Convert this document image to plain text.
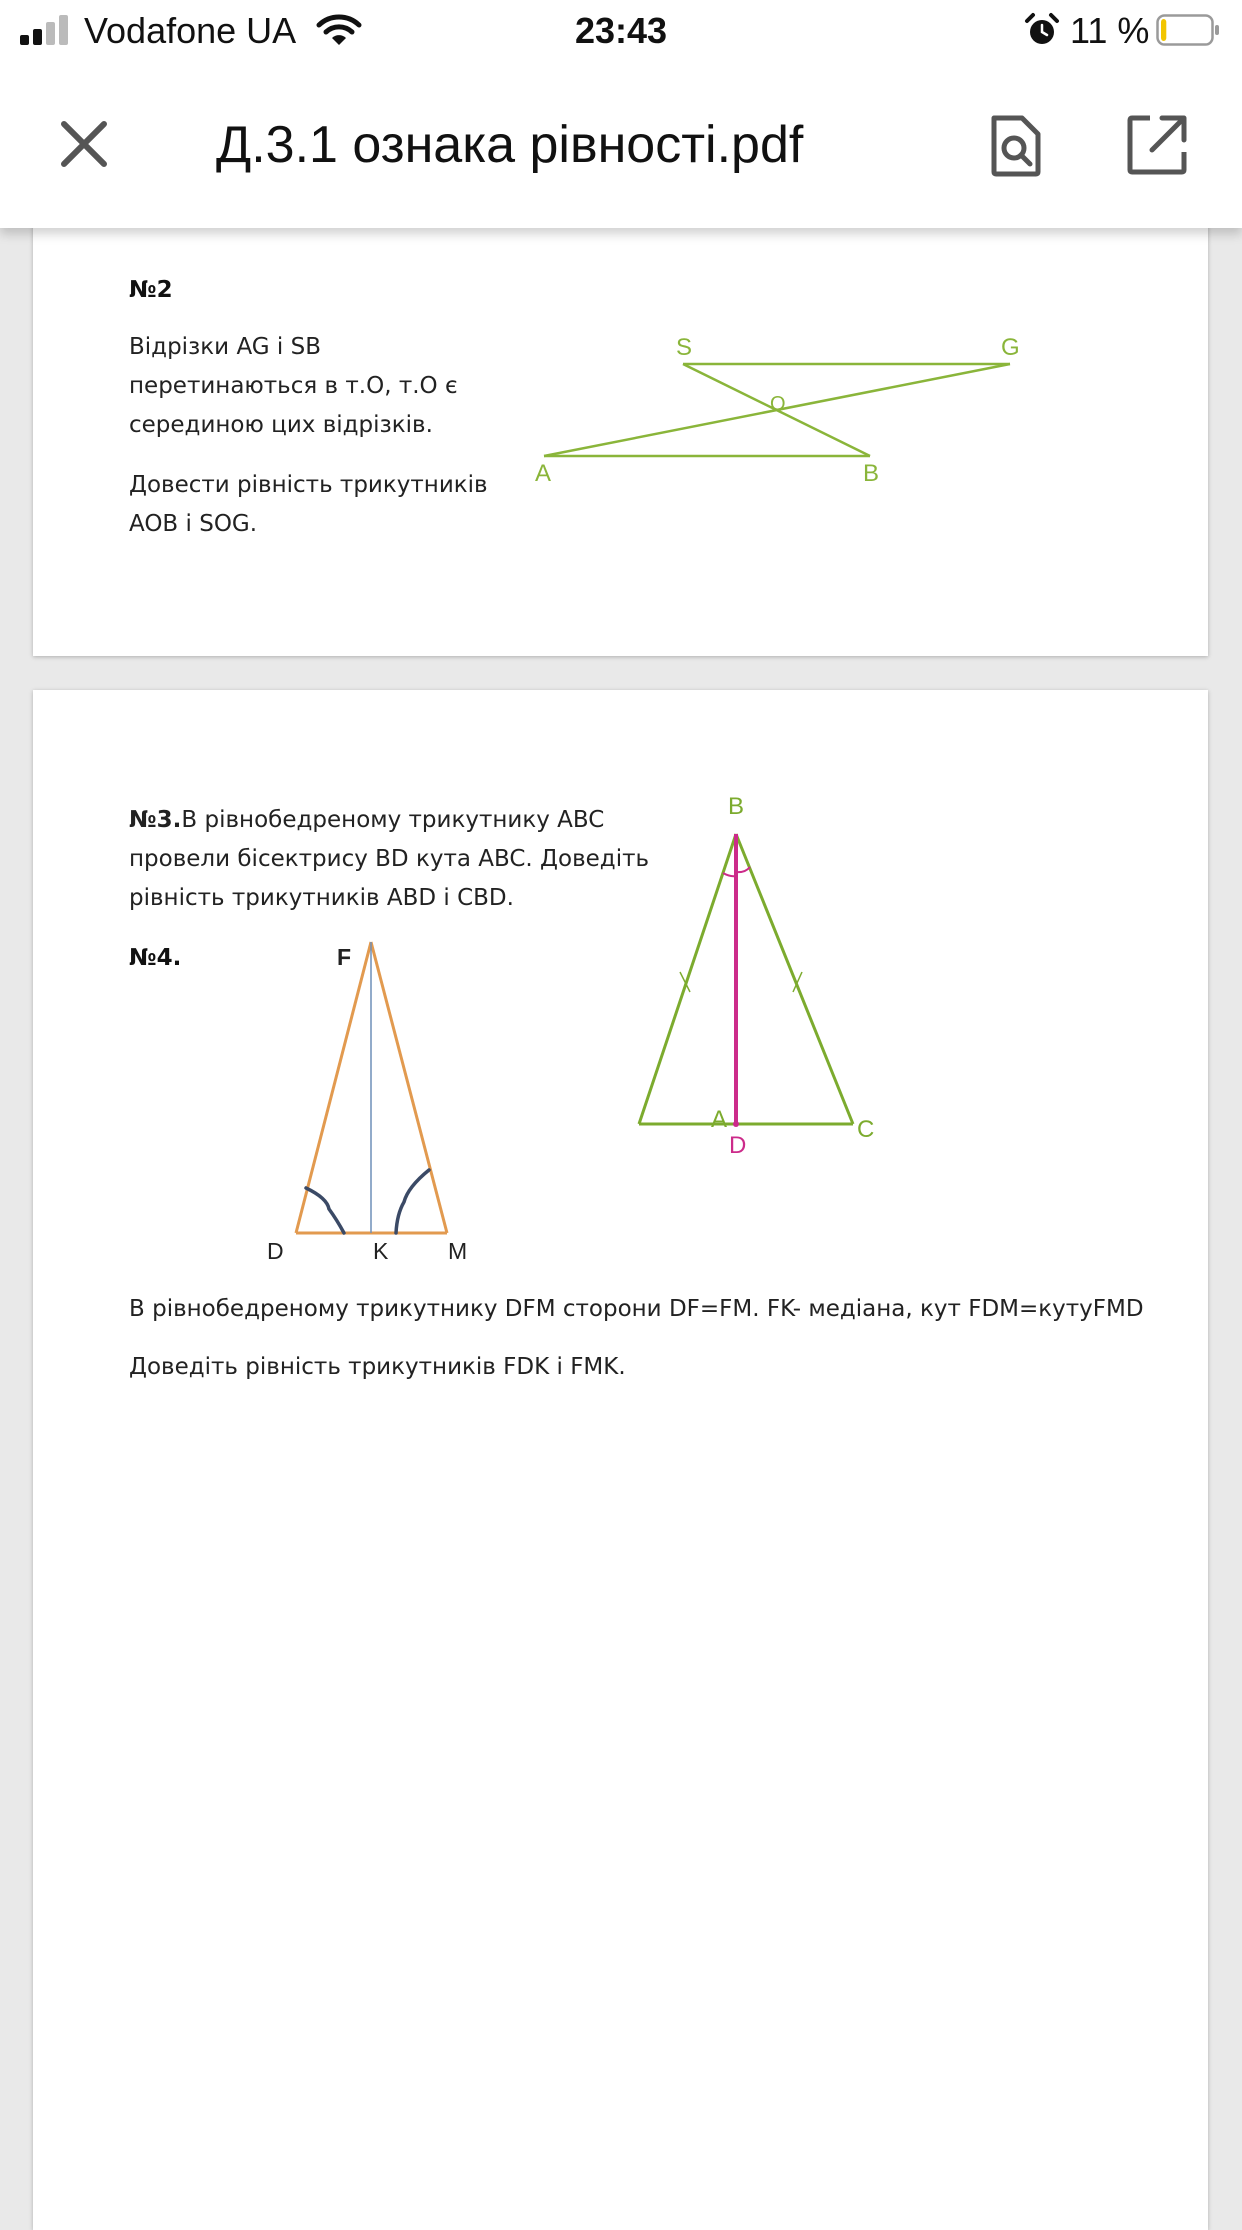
Vodafone UA	23:43	11 %
Д.3.1 ознака рівності.pdf
№2
Відрізки AG і SB
перетинаються в т.О, т.О є
серединою цих відрізків.
Довести рівність трикутників
AOB і SOG.
S	G
O
A	B
№3.В рівнобедреному трикутнику ABC
провели бісектрису BD кута ABC. Доведіть
рівність трикутників ABD і CBD.
B
A	C
D
№4.	F
D	K	M
В рівнобедреному трикутнику DFM сторони DF=FM. FK- медіана, кут FDM=кутуFMD
Доведіть рівність трикутників FDK і FMK.
